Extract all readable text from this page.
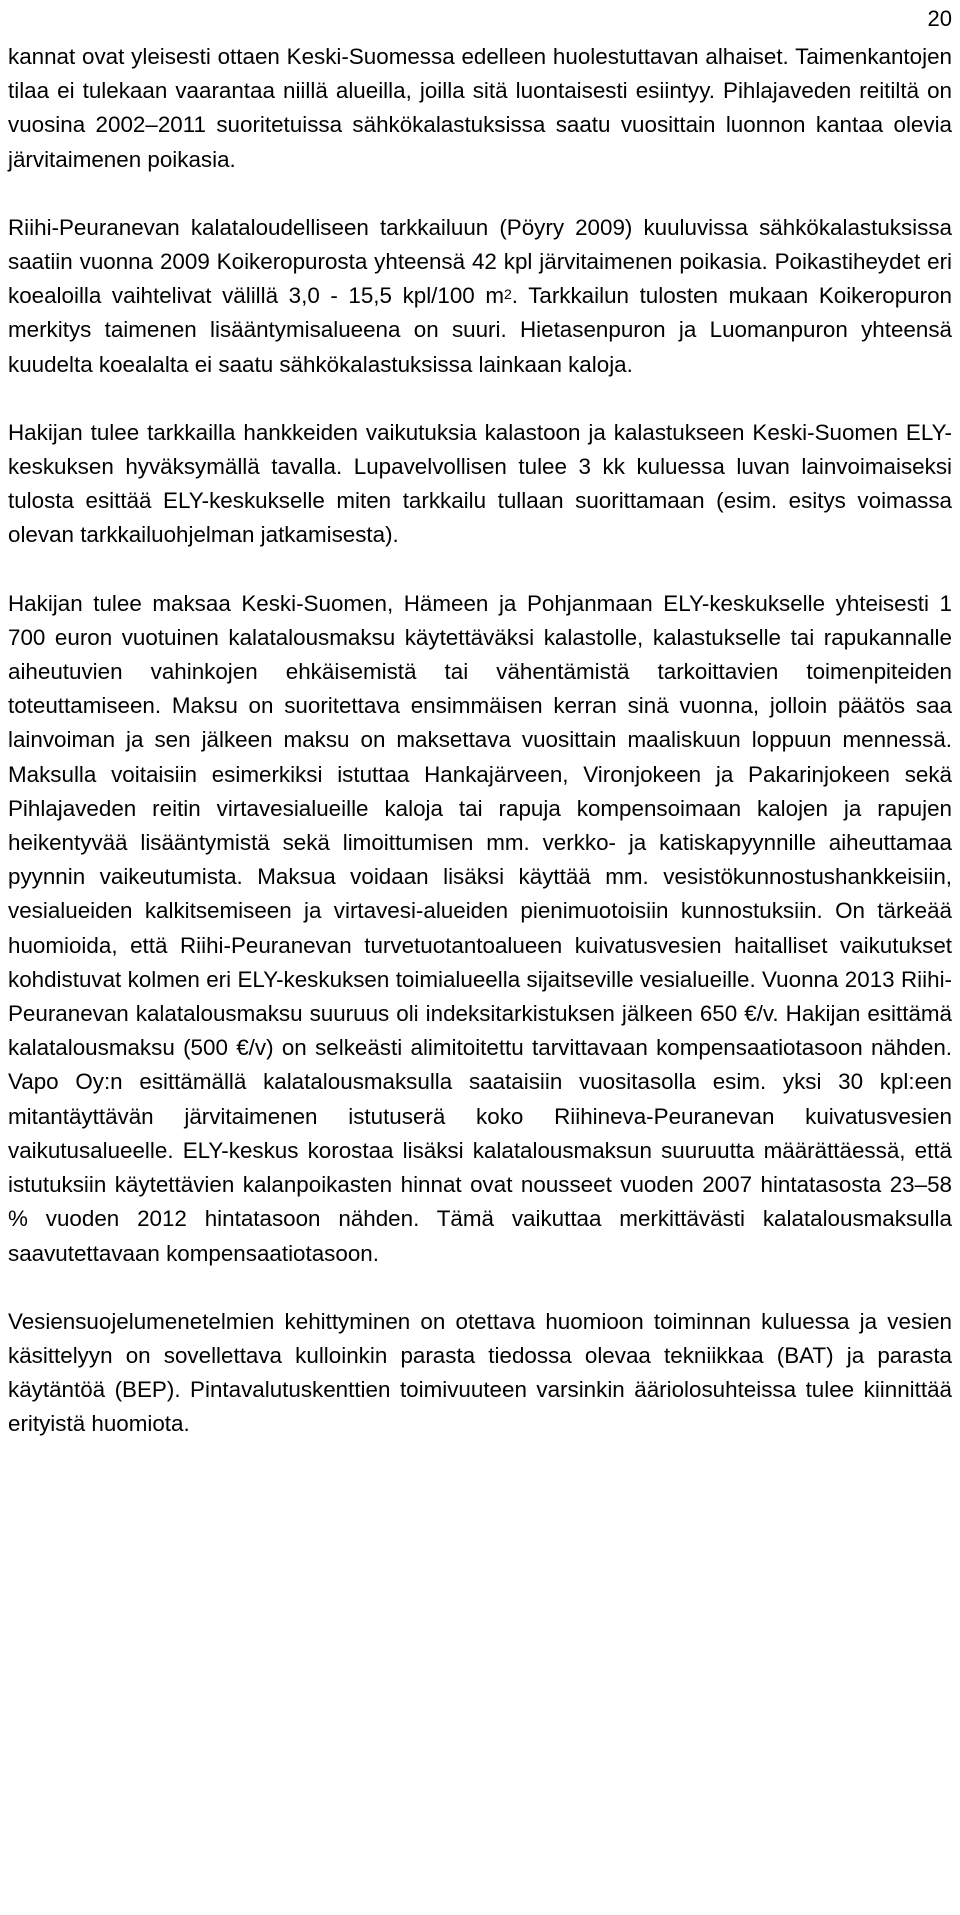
20

kannat ovat yleisesti ottaen Keski-Suomessa edelleen huolestuttavan alhaiset. Taimenkantojen tilaa ei tulekaan vaarantaa niillä alueilla, joilla sitä luontaisesti esiintyy. Pihlajaveden reitiltä on vuosina 2002–2011 suoritetuissa sähkökalastuksissa saatu vuosittain luonnon kantaa olevia järvitaimenen poikasia.

Riihi-Peuranevan kalataloudelliseen tarkkailuun (Pöyry 2009) kuuluvissa sähkökalastuksissa saatiin vuonna 2009 Koikeropurosta yhteensä 42 kpl järvitaimenen poikasia. Poikastiheydet eri koealoilla vaihtelivat välillä 3,0 - 15,5 kpl/100 $m^2$. Tarkkailun tulosten mukaan Koikeropuron merkitys taimenen lisääntymisalueena on suuri. Hietasenpuron ja Luomanpuron yhteensä kuudelta koealalta ei saatu sähkökalastuksissa lainkaan kaloja.

Hakijan tulee tarkkailla hankkeiden vaikutuksia kalastoon ja kalastukseen Keski-Suomen ELY-keskuksen hyväksymällä tavalla. Lupavelvollisen tulee 3 kk kuluessa luvan lainvoimaiseksi tulosta esittää ELY-keskukselle miten tarkkailu tullaan suorittamaan (esim. esitys voimassa olevan tarkkailuohjelman jatkamisesta).

Hakijan tulee maksaa Keski-Suomen, Hämeen ja Pohjanmaan ELY-keskukselle yhteisesti 1 700 euron vuotuinen kalatalousmaksu käytettäväksi kalastolle, kalastukselle tai rapukannalle aiheutuvien vahinkojen ehkäisemistä tai vähentämistä tarkoittavien toimenpiteiden toteuttamiseen. Maksu on suoritettava ensimmäisen kerran sinä vuonna, jolloin päätös saa lainvoiman ja sen jälkeen maksu on maksettava vuosittain maaliskuun loppuun mennessä. Maksulla voitaisiin esimerkiksi istuttaa Hankajärveen, Vironjokeen ja Pakarinjokeen sekä Pihlajaveden reitin virtavesialueille kaloja tai rapuja kompensoimaan kalojen ja rapujen heikentyvää lisääntymistä sekä limoittumisen mm. verkko- ja katiskapyynnille aiheuttamaa pyynnin vaikeutumista. Maksua voidaan lisäksi käyttää mm. vesistökunnostushankkeisiin, vesialueiden kalkitsemiseen ja virtavesi-alueiden pienimuotoisiin kunnostuksiin. On tärkeää huomioida, että Riihi-Peuranevan turvetuotantoalueen kuivatusvesien haitalliset vaikutukset kohdistuvat kolmen eri ELY-keskuksen toimialueella sijaitseville vesialueille. Vuonna 2013 Riihi-Peuranevan kalatalousmaksu suuruus oli indeksitarkistuksen jälkeen 650 €/v. Hakijan esittämä kalatalousmaksu (500 €/v) on selkeästi alimitoitettu tarvittavaan kompensaatiotasoon nähden. Vapo Oy:n esittämällä kalatalousmaksulla saataisiin vuositasolla esim. yksi 30 kpl:een mitantäyttävän järvitaimenen istutuserä koko Riihineva-Peuranevan kuivatusvesien vaikutusalueelle. ELY-keskus korostaa lisäksi kalatalousmaksun suuruutta määrättäessä, että istutuksiin käytettävien kalanpoikasten hinnat ovat nousseet vuoden 2007 hintatasosta 23–58 % vuoden 2012 hintatasoon nähden. Tämä vaikuttaa merkittävästi kalatalousmaksulla saavutettavaan kompensaatiotasoon.

Vesiensuojelumenetelmien kehittyminen on otettava huomioon toiminnan kuluessa ja vesien käsittelyyn on sovellettava kulloinkin parasta tiedossa olevaa tekniikkaa (BAT) ja parasta käytäntöä (BEP). Pintavalutuskenttien toimivuuteen varsinkin ääriolosuhteissa tulee kiinnittää erityistä huomiota.
